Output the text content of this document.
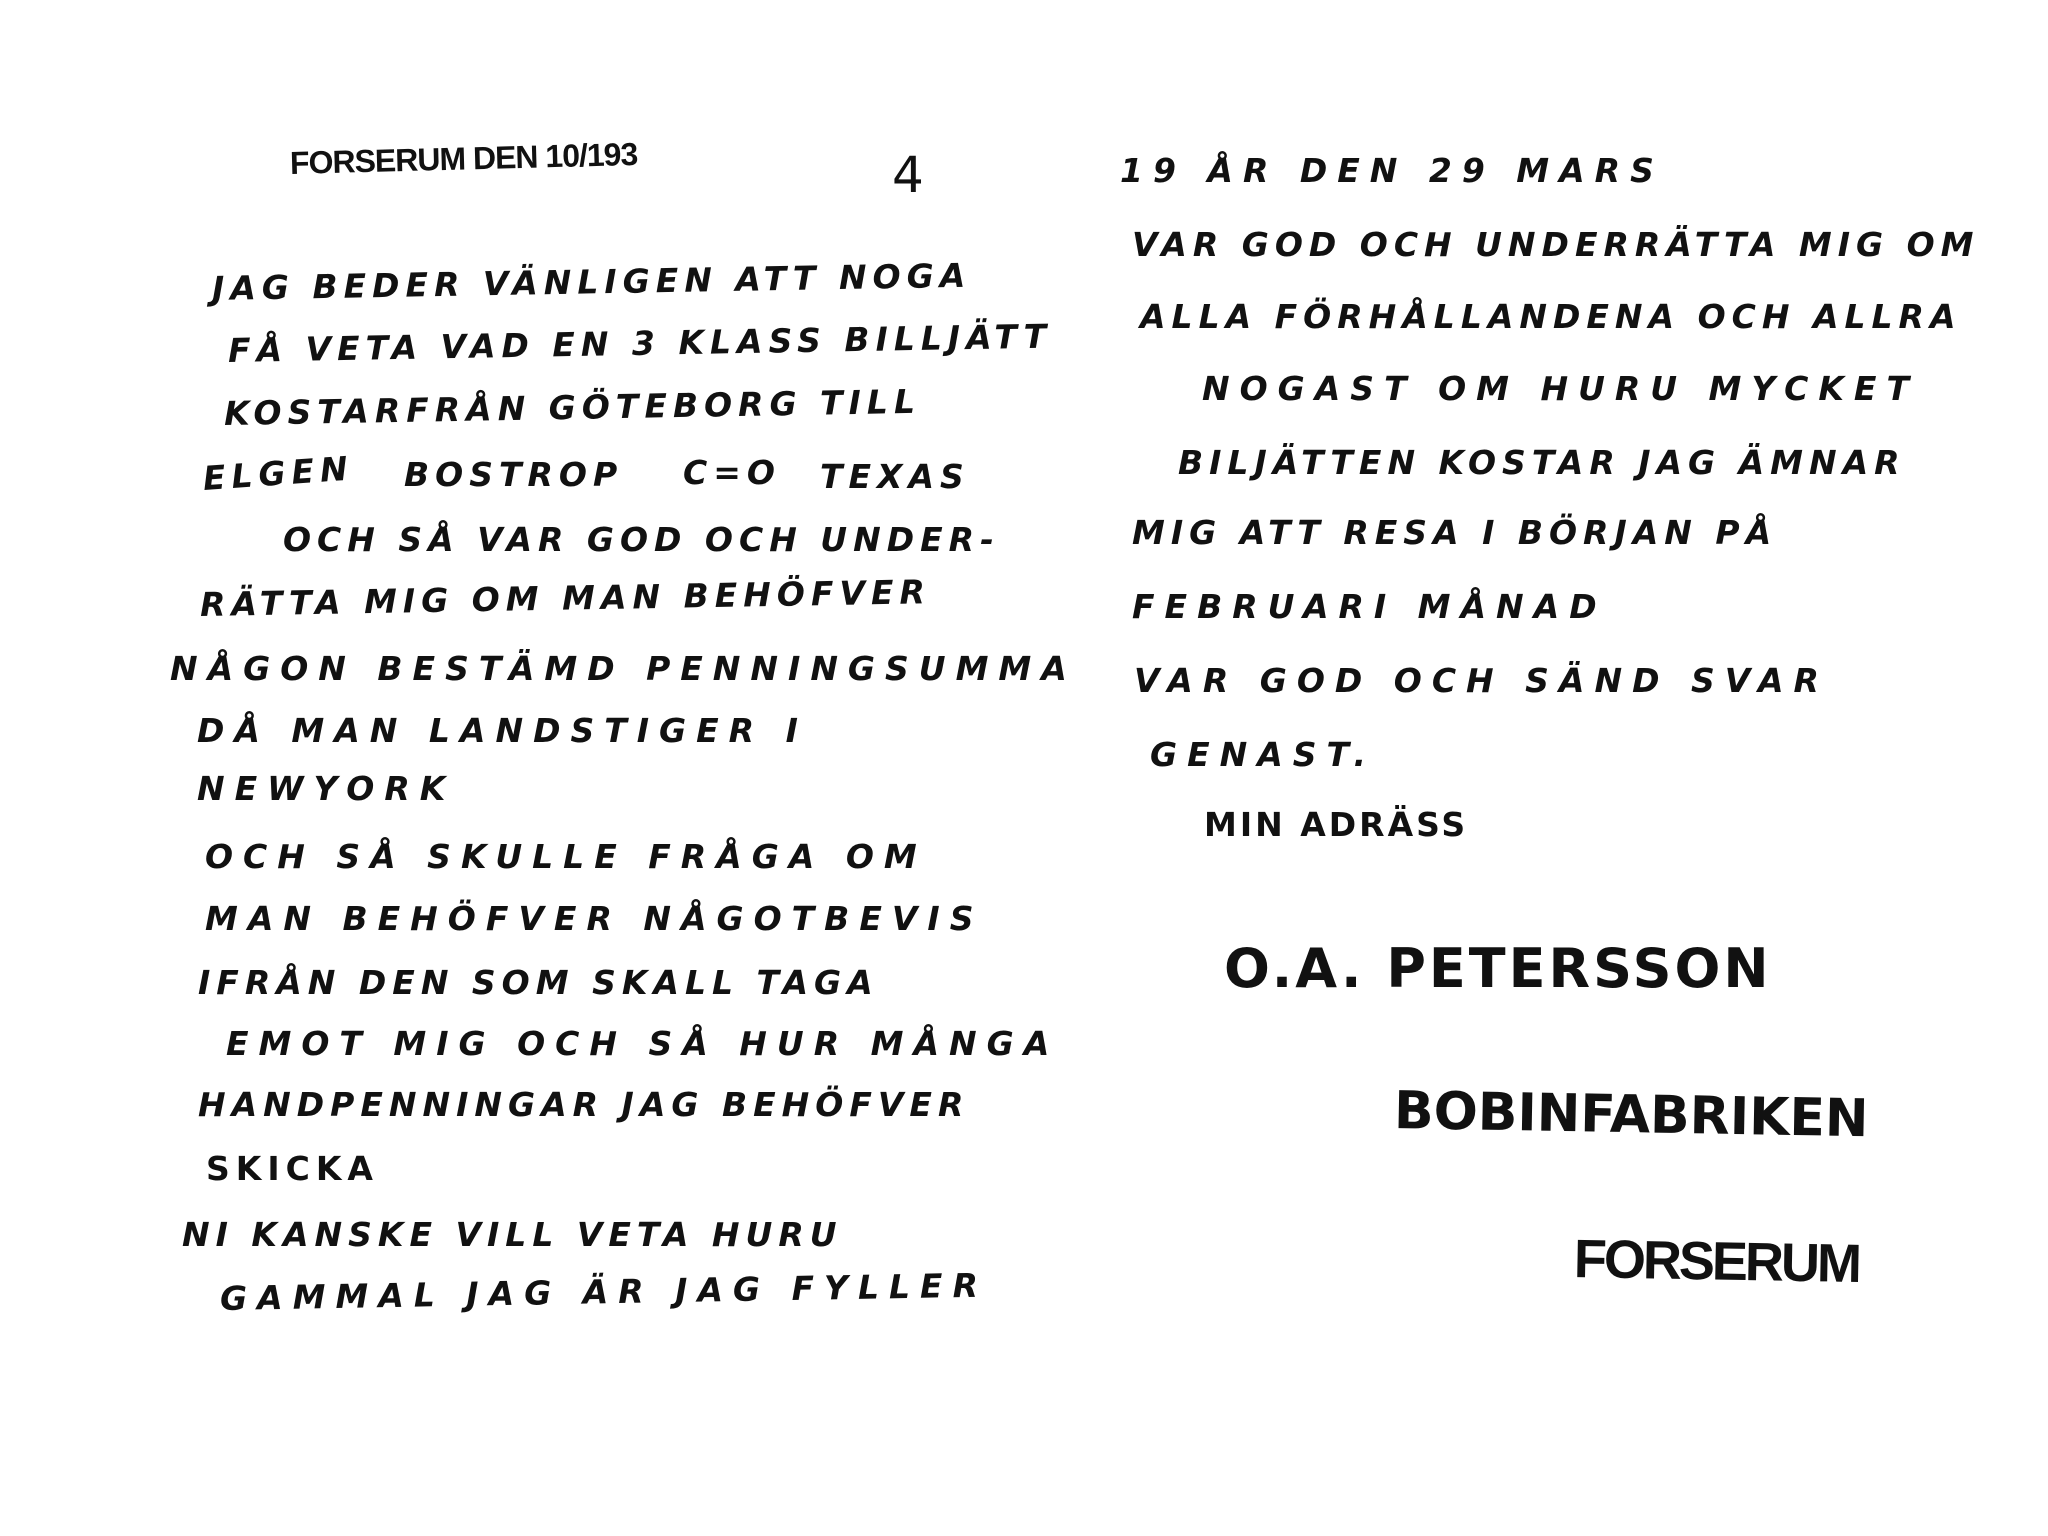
FORSERUM DEN 10/193	4
JAG BEDER VÄNLIGEN ATT NOGA
FÅ VETA VAD EN 3 KLASS BILLJÄTT
KOSTARFRÅN GÖTEBORG TILL
ELGEN BOSTROP C=O TEXAS
OCH SÅ VAR GOD OCH UNDER-
RÄTTA MIG OM MAN BEHÖFVER
NÅGON BESTÄMD PENNINGSUMMA
DÅ MAN LANDSTIGER I
NEWYORK
OCH SÅ SKULLE FRÅGA OM
MAN BEHÖFVER NÅGOTBEVIS
IFRÅN DEN SOM SKALL TAGA
EMOT MIG OCH SÅ HUR MÅNGA
HANDPENNINGAR JAG BEHÖFVER
SKICKA
NI KANSKE VILL VETA HURU
GAMMAL JAG ÄR JAG FYLLER
19 ÅR DEN 29 MARS
VAR GOD OCH UNDERRÄTTA MIG OM
ALLA FÖRHÅLLANDENA OCH ALLRA
NOGAST OM HURU MYCKET
BILJÄTTEN KOSTAR JAG ÄMNAR
MIG ATT RESA I BÖRJAN PÅ
FEBRUARI MÅNAD
VAR GOD OCH SÄND SVAR
GENAST.
MIN ADRÄSS
O.A. PETERSSON
BOBINFABRIKEN
FORSERUM
